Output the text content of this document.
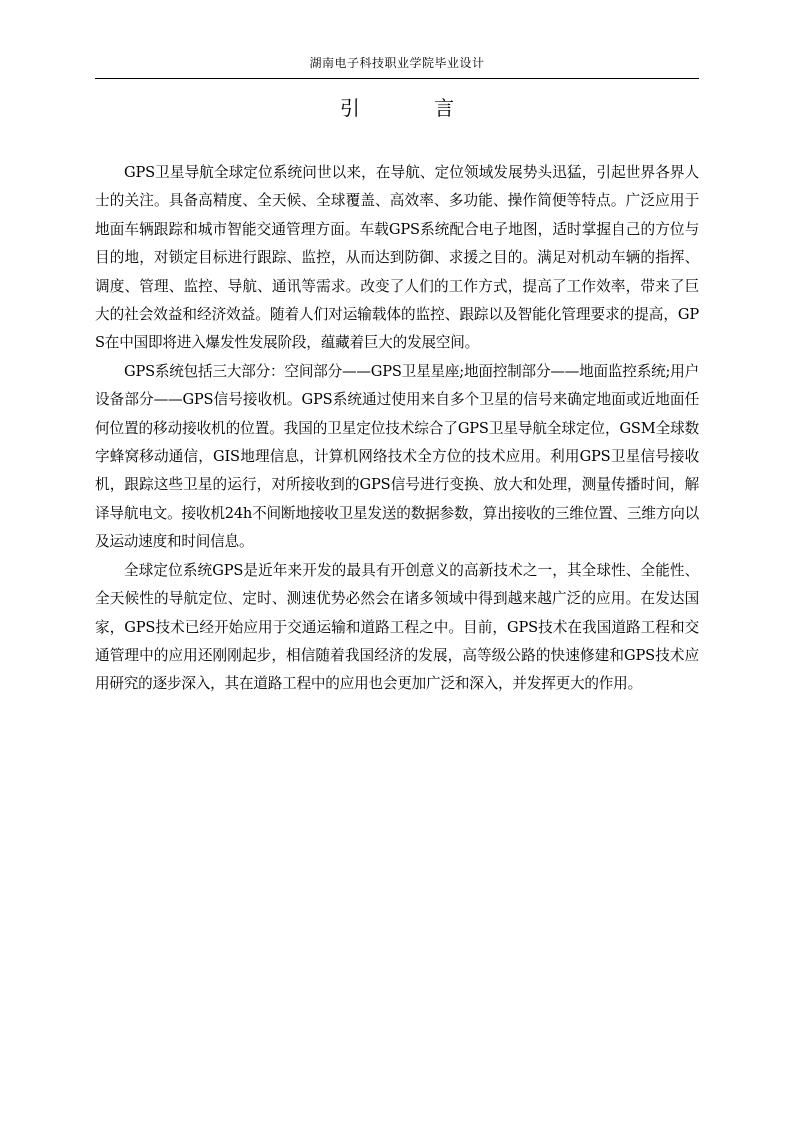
湖南电子科技职业学院毕业设计
引 言

GPS卫星导航全球定位系统问世以来，在导航、定位领域发展势头迅猛，引起世界各界人士的关注。具备高精度、全天候、全球覆盖、高效率、多功能、操作简便等特点。广泛应用于地面车辆跟踪和城市智能交通管理方面。车载GPS系统配合电子地图，适时掌握自己的方位与目的地，对锁定目标进行跟踪、监控，从而达到防御、求援之目的。满足对机动车辆的指挥、调度、管理、监控、导航、通讯等需求。改变了人们的工作方式，提高了工作效率，带来了巨大的社会效益和经济效益。随着人们对运输载体的监控、跟踪以及智能化管理要求的提高，GPS在中国即将进入爆发性发展阶段，蕴藏着巨大的发展空间。

GPS系统包括三大部分：空间部分——GPS卫星星座;地面控制部分——地面监控系统;用户设备部分——GPS信号接收机。GPS系统通过使用来自多个卫星的信号来确定地面或近地面任何位置的移动接收机的位置。我国的卫星定位技术综合了GPS卫星导航全球定位，GSM全球数字蜂窝移动通信，GIS地理信息，计算机网络技术全方位的技术应用。利用GPS卫星信号接收机，跟踪这些卫星的运行，对所接收到的GPS信号进行变换、放大和处理，测量传播时间，解译导航电文。接收机24h不间断地接收卫星发送的数据参数，算出接收的三维位置、三维方向以及运动速度和时间信息。

全球定位系统GPS是近年来开发的最具有开创意义的高新技术之一，其全球性、全能性、全天候性的导航定位、定时、测速优势必然会在诸多领域中得到越来越广泛的应用。在发达国家，GPS技术已经开始应用于交通运输和道路工程之中。目前，GPS技术在我国道路工程和交通管理中的应用还刚刚起步，相信随着我国经济的发展，高等级公路的快速修建和GPS技术应用研究的逐步深入，其在道路工程中的应用也会更加广泛和深入，并发挥更大的作用。
